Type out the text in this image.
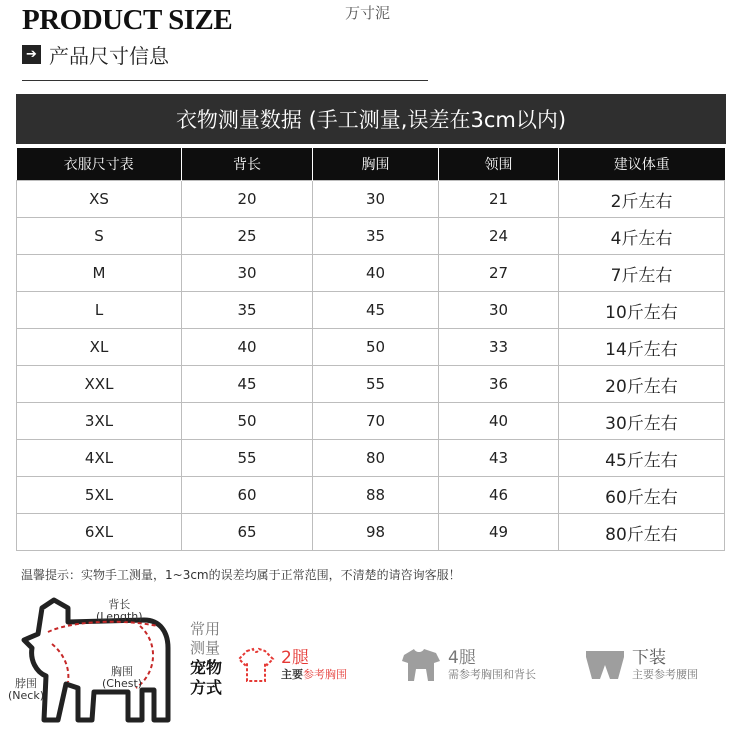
PRODUCT SIZE	万寸泥
➔ 产品尺寸信息
衣物测量数据 (手工测量,误差在3cm以内)
衣服尺寸表	背长	胸围	领围	建议体重
XS	20	30	21	2斤左右
S	25	35	24	4斤左右
M	30	40	27	7斤左右
L	35	45	30	10斤左右
XL	40	50	33	14斤左右
XXL	45	55	36	20斤左右
3XL	50	70	40	30斤左右
4XL	55	80	43	45斤左右
5XL	60	88	46	60斤左右
6XL	65	98	49	80斤左右
温馨提示：实物手工测量，1~3cm的误差均属于正常范围，不清楚的请咨询客服！
背长
(Length)
胸围
(Chest)
脖围
(Neck)
常用
测量
宠物
方式
2腿
主要参考胸围
4腿
需参考胸围和背长
下装
主要参考腰围
